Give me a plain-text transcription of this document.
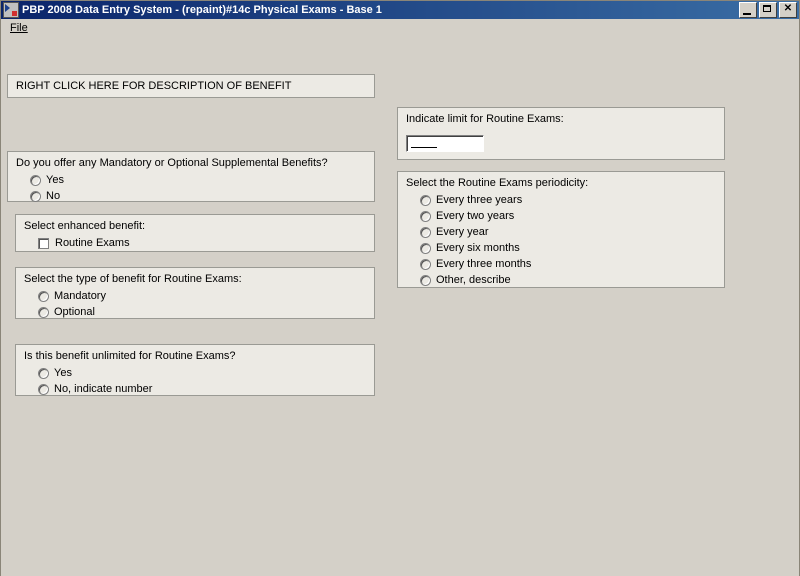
PBP 2008 Data Entry System - (repaint)#14c Physical Exams - Base 1	✕
File
RIGHT CLICK HERE FOR DESCRIPTION OF BENEFIT
Do you offer any Mandatory or Optional Supplemental Benefits?
Yes
No
Select enhanced benefit:
Routine Exams
Select the type of benefit for Routine Exams:
Mandatory
Optional
Is this benefit unlimited for Routine Exams?
Yes
No, indicate number
Indicate limit for Routine Exams:
Select the Routine Exams periodicity:
Every three years
Every two years
Every year
Every six months
Every three months
Other, describe
